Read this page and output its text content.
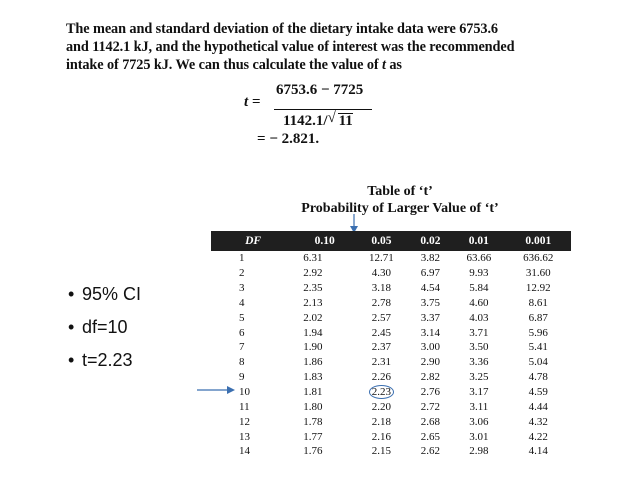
The mean and standard deviation of the dietary intake data were 6753.6
and 1142.1 kJ, and the hypothetical value of interest was the recommended
intake of 7725 kJ. We can thus calculate the value of t as
t =
6753.6 − 7725
1142.1/ √ 11
= − 2.821.
Table of ‘t’
Probability of Larger Value of ‘t’
DF	0.10	0.05	0.02	0.01	0.001
1	6.31	12.71	3.82	63.66	636.62
2	2.92	4.30	6.97	9.93	31.60
3	2.35	3.18	4.54	5.84	12.92
4	2.13	2.78	3.75	4.60	8.61
5	2.02	2.57	3.37	4.03	6.87
6	1.94	2.45	3.14	3.71	5.96
7	1.90	2.37	3.00	3.50	5.41
8	1.86	2.31	2.90	3.36	5.04
9	1.83	2.26	2.82	3.25	4.78
10	1.81	2.23	2.76	3.17	4.59
11	1.80	2.20	2.72	3.11	4.44
12	1.78	2.18	2.68	3.06	4.32
13	1.77	2.16	2.65	3.01	4.22
14	1.76	2.15	2.62	2.98	4.14
• 95% CI
• df=10
• t=2.23
